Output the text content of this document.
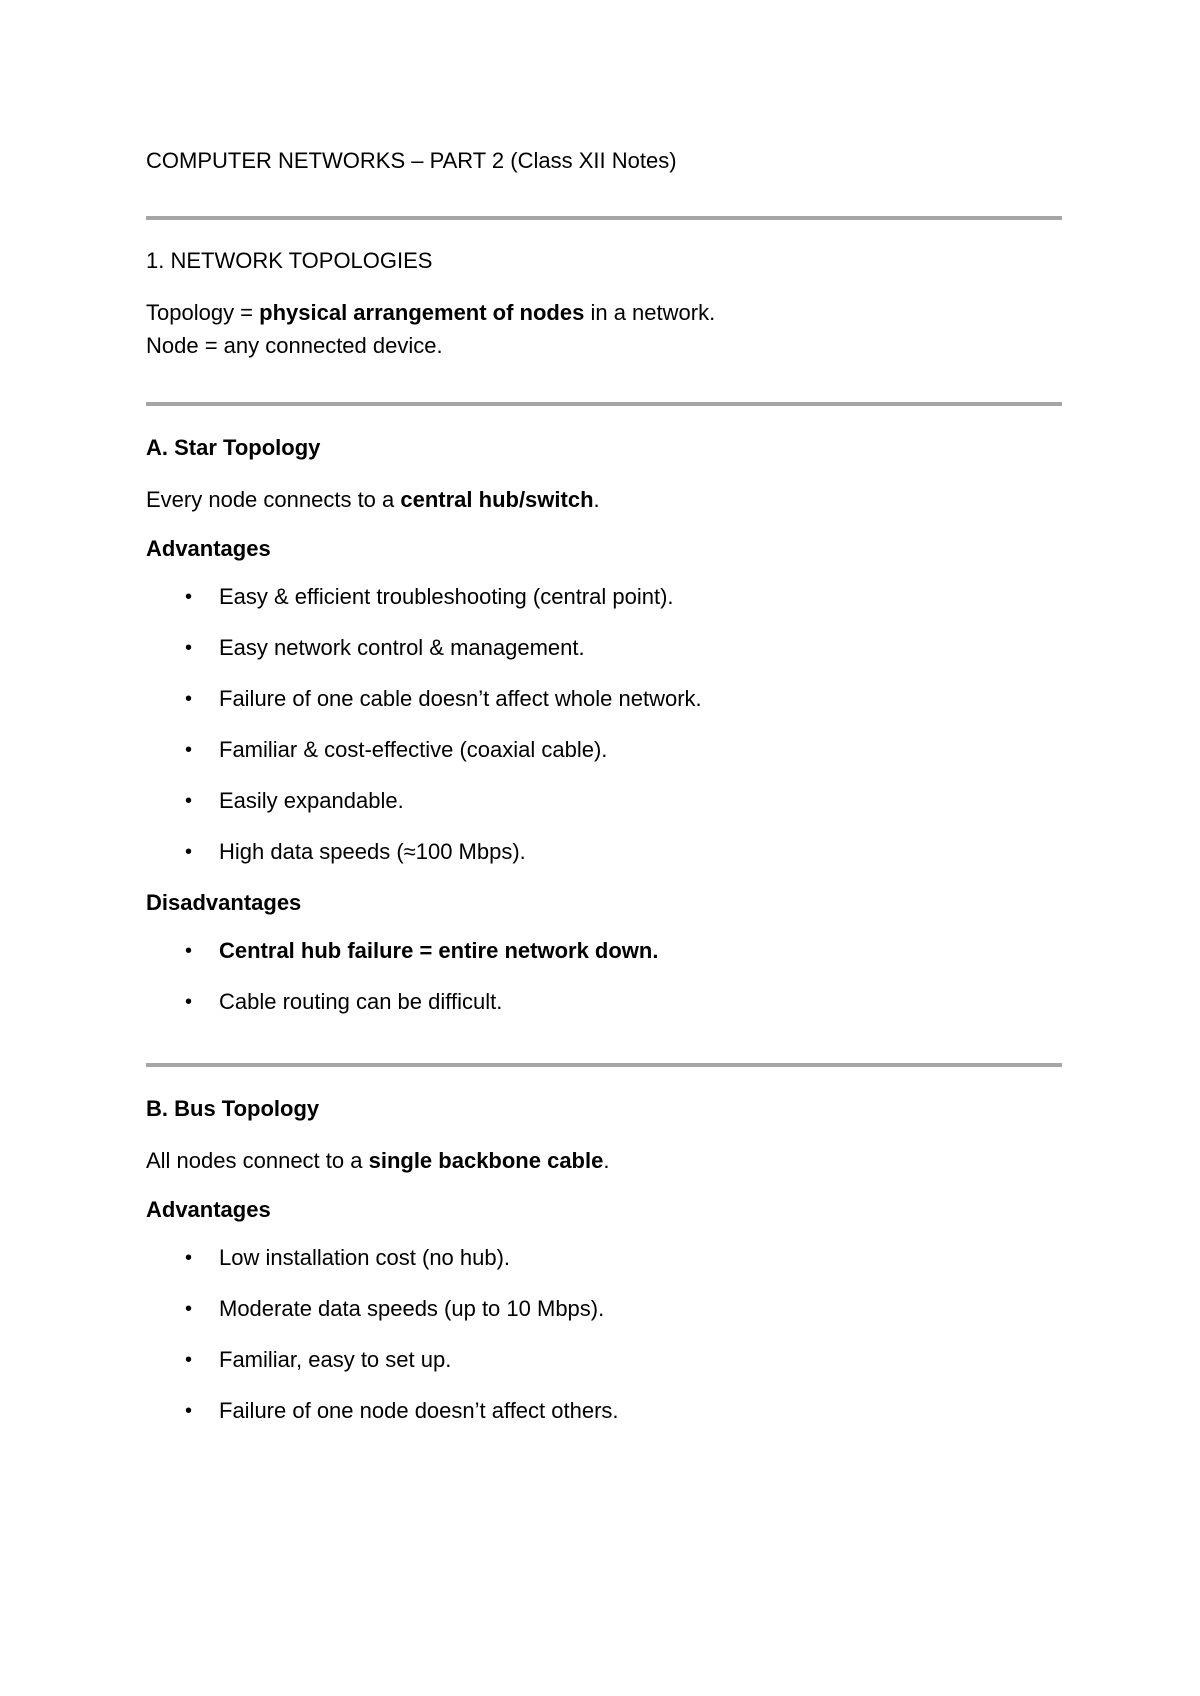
COMPUTER NETWORKS – PART 2 (Class XII Notes)
1. NETWORK TOPOLOGIES
Topology = physical arrangement of nodes in a network.
Node = any connected device.
A. Star Topology
Every node connects to a central hub/switch.
Advantages
• Easy & efficient troubleshooting (central point).
• Easy network control & management.
• Failure of one cable doesn’t affect whole network.
• Familiar & cost-effective (coaxial cable).
• Easily expandable.
• High data speeds (≈100 Mbps).
Disadvantages
• Central hub failure = entire network down.
• Cable routing can be difficult.
B. Bus Topology
All nodes connect to a single backbone cable.
Advantages
• Low installation cost (no hub).
• Moderate data speeds (up to 10 Mbps).
• Familiar, easy to set up.
• Failure of one node doesn’t affect others.
